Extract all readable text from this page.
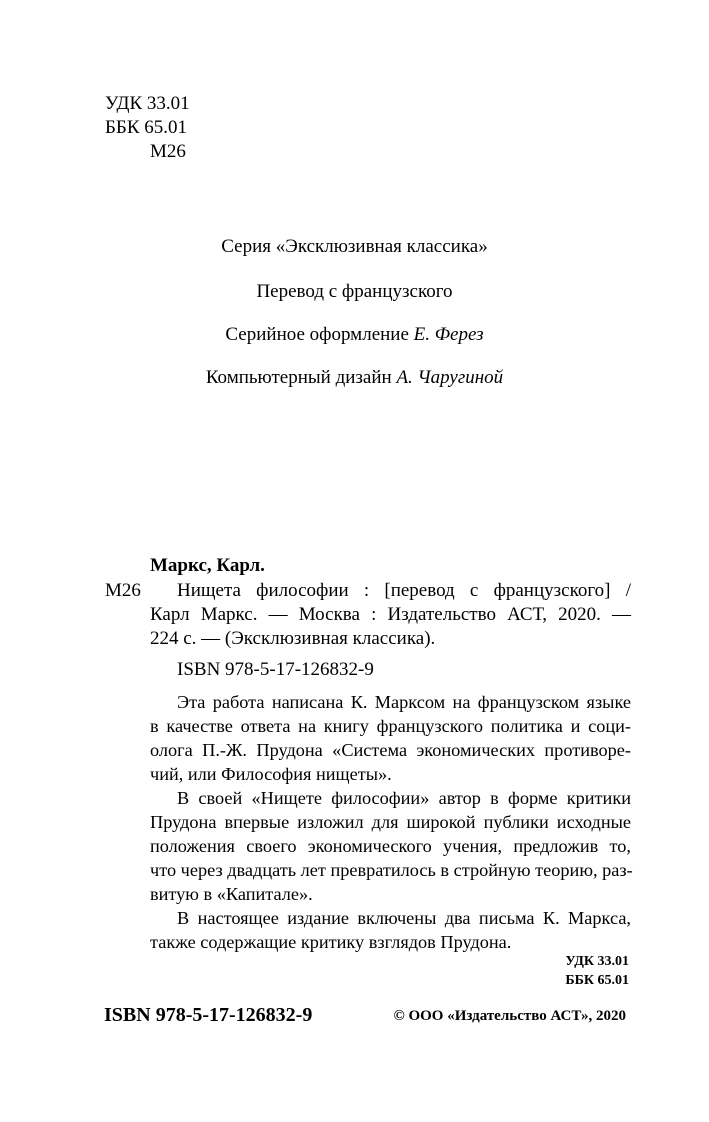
УДК 33.01

ББК 65.01

М26

Серия «Эксклюзивная классика»

Перевод с французского

Серийное оформление Е. Ферез

Компьютерный дизайн А. Чаругиной

Маркс, Карл.

М26 Нищета философии : [перевод с французского] /

Карл Маркс. — Москва : Издательство АСТ, 2020. —

224 с. — (Эксклюзивная классика).

ISBN 978-5-17-126832-9

Эта работа написана К. Марксом на французском языке

в качестве ответа на книгу французского политика и соци-

олога П.-Ж. Прудона «Система экономических противоре-

чий, или Философия нищеты».

В своей «Нищете философии» автор в форме критики

Прудона впервые изложил для широкой публики исходные

положения своего экономического учения, предложив то,

что через двадцать лет превратилось в стройную теорию, раз-

витую в «Капитале».

В настоящее издание включены два письма К. Маркса,

также содержащие критику взглядов Прудона.

УДК 33.01

ББК 65.01

ISBN 978-5-17-126832-9	© ООО «Издательство АСТ», 2020
